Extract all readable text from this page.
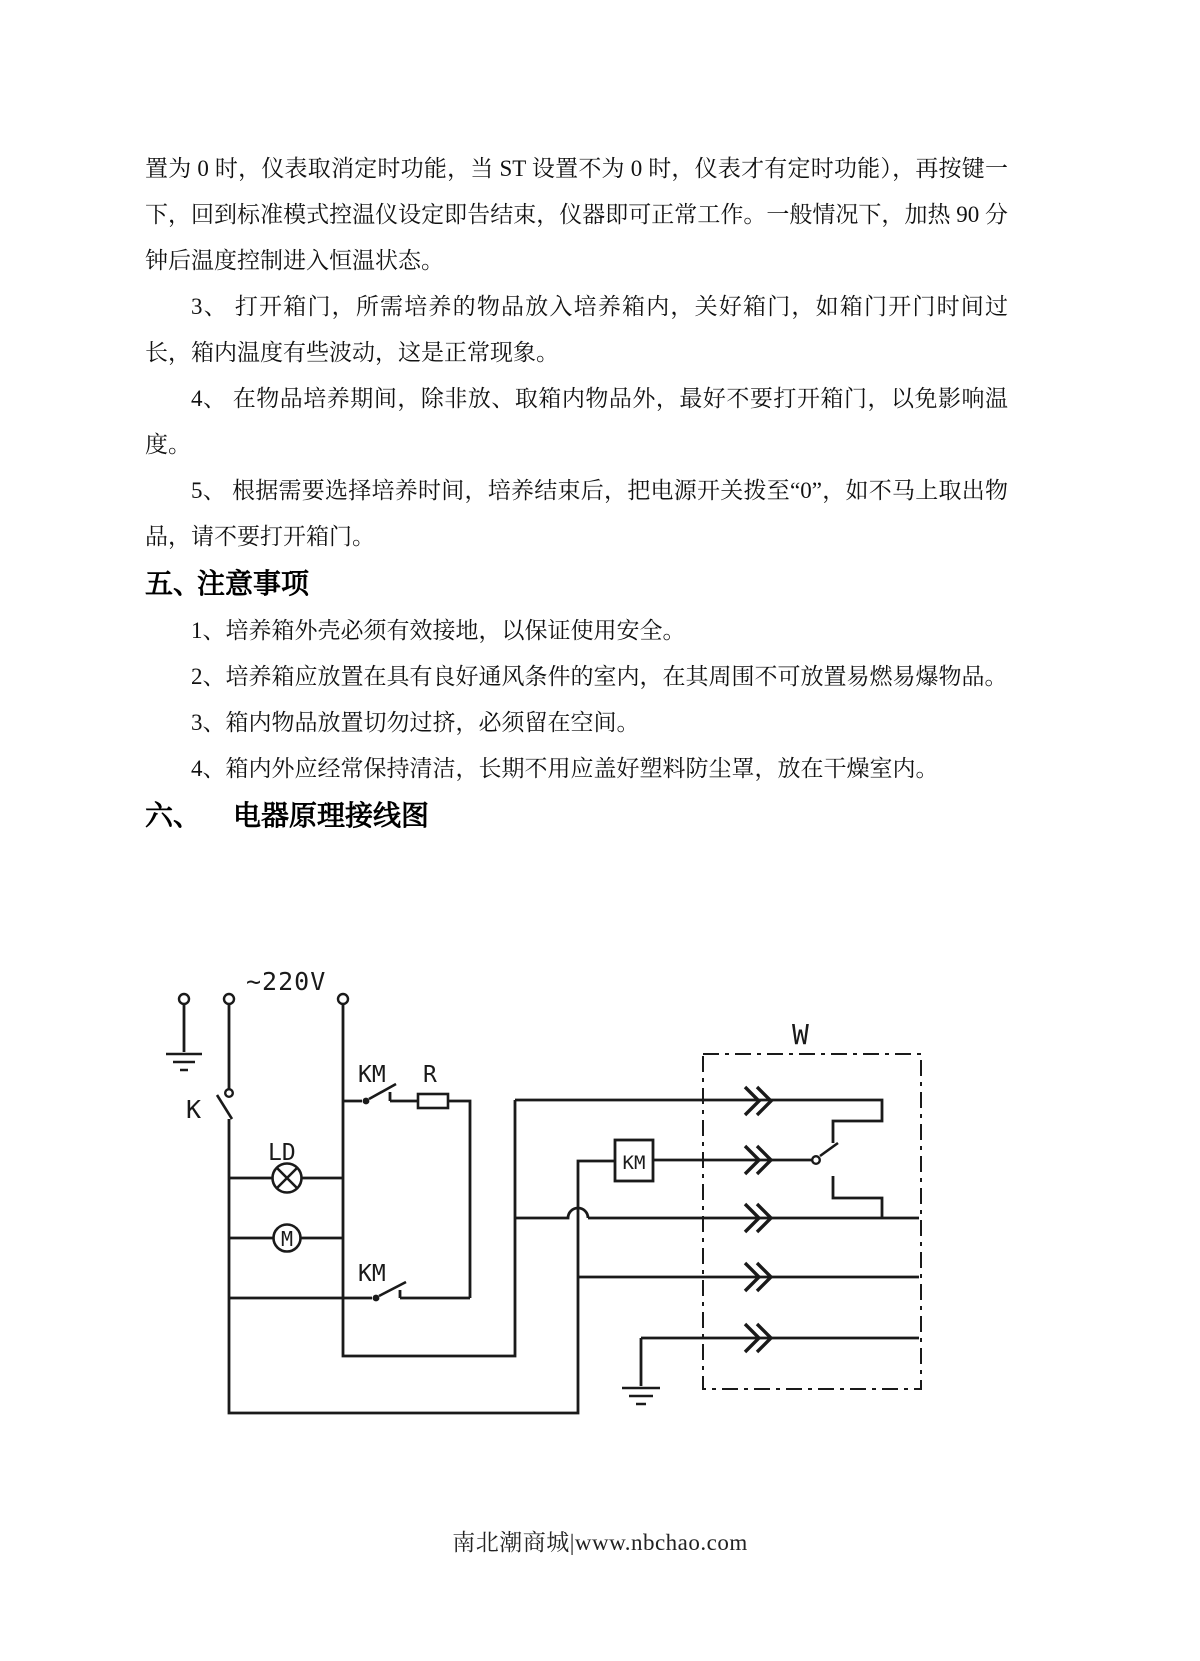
置为 0 时，仪表取消定时功能，当 ST 设置不为 0 时，仪表才有定时功能），再按键一下，回到标准模式控温仪设定即告结束，仪器即可正常工作。一般情况下，加热 90 分钟后温度控制进入恒温状态。

3、 打开箱门，所需培养的物品放入培养箱内，关好箱门，如箱门开门时间过长，箱内温度有些波动，这是正常现象。

4、 在物品培养期间，除非放、取箱内物品外，最好不要打开箱门，以免影响温度。

5、 根据需要选择培养时间，培养结束后，把电源开关拨至“0”，如不马上取出物品，请不要打开箱门。

五、注意事项

1、培养箱外壳必须有效接地，以保证使用安全。

2、培养箱应放置在具有良好通风条件的室内，在其周围不可放置易燃易爆物品。

3、箱内物品放置切勿过挤，必须留在空间。

4、箱内外应经常保持清洁，长期不用应盖好塑料防尘罩，放在干燥室内。

六、 电器原理接线图
~220V
K
LD
M
KM R
KM
KM
W
南北潮商城|www.nbchao.com
